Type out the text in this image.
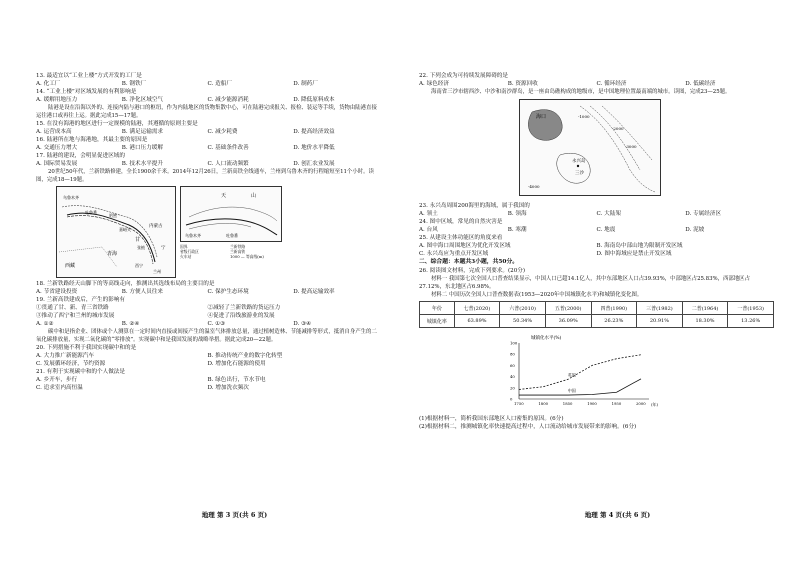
13. 最适宜以“工业上楼”方式开发的工厂是
A. 化工厂	B. 钢铁厂	C. 造船厂	D. 制药厂
14. “工业上楼”对区域发展的有利影响是
A. 缓解用地压力	B. 净化区域空气	C. 减少能源消耗	D. 降低原料成本
陆港是设在沿海以外的、连接内陆与港口的枢纽，作为内陆地区的货物集散中心，可在陆港完成报关、报检、装运等手续，货物由陆港直接运往港口或再往上运。据此完成15—17题。
15. 在没有海港的地区进行一定规模的陆港，其遵循的原则主要是
A. 运营成本高	B. 满足运输需求	C. 减少耗费	D. 提高经济效益
16. 陆港所在地与海港地，其最主要的原因是
A. 交通压力增大	B. 港口压力缓解	C. 基础条件改善	D. 地价水平降低
17. 陆港的建设，会明显促进区域的
A. 国际贸易发展	B. 技术水平提升	C. 人口流动频繁	D. 创汇农业发展
20世纪50年代，兰新铁路修建，全长1900余千米。2014年12月26日，兰新高铁全线通车，兰州到乌鲁木齐的行程缩短至11个小时。读图，完成18—19题。
乌鲁木齐
吐鲁番
哈密
嘉峪关
甘
张掖
西宁
兰州
青海
西藏
内蒙古
宁
天	山
乌鲁木齐	吐鲁番
国界	兰新铁路
省级行政区	兰新高铁
火车站	1000 — 等高线(m)
18. 兰新铁路经天山脚下的等高线走向，推测出其选线布局的主要目的是
A. 节省建设投资	B. 方便人员往来	C. 保护生态环境	D. 提高运输效率
19. 兰新高铁建成后，产生的影响有
①贯通了甘、新、青三省铁路	②减轻了兰新铁路的货运压力
③推动了西宁和兰州的城市发展	④促进了沿线旅游业的发展
A. ①②	B. ②④	C. ①③	D. ③④
碳中和是指企业、团体或个人测算在一定时间内直接或间接产生的温室气体排放总量，通过植树造林、节能减排等形式，抵消自身产生的二氧化碳排放量，实现二氧化碳的“零排放”。实现碳中和是我国发展的战略举措。据此完成20—22题。
20. 下列措施不利于我国实现碳中和的是
A. 大力推广新能源汽车	B. 推动传统产业的数字化转型
C. 发展循环经济，节约资源	D. 增加化石能源的使用
21. 有利于实现碳中和的个人做法是
A. 乡开车，步行	B. 绿色出行，节水节电
C. 追求室内高恒温	D. 增加洗衣频次
地理 第 3 页(共 6 页)
22. 下列会成为可持续发展障碍的是
A. 绿色经济	B. 资源回收	C. 循环经济	D. 低碳经济
海南省三沙市辖西沙、中沙和南沙群岛，是一座由岛礁构成的地级市，是中国地理位置最南端的城市。读图，完成23—25题。
海口
永兴岛
三沙
-1000
-2000
-3000
-4000
23. 永兴岛周围200海里的海域，属于我国的
A. 领土	B. 领海	C. 大陆架	D. 专属经济区
24. 图中区域，常见的自然灾害是
A. 台风	B. 寒潮	C. 地震	D. 泥坡
25. 从建设主体功能区的角度来看
A. 图中海口周围地区为优化开发区域	B. 海南岛中部山地为限制开发区域
C. 永兴岛应为重点开发区域	D. 图中海域应是禁止开发区域
二、综合题：本题共3小题，共50分。
26. 阅读图文材料，完成下列要求。(20分)
材料一 我国第七次全国人口普查结果显示，中国人口已超14.1亿人，其中东部地区人口占39.93%，中部地区占25.83%，西部地区占27.12%，东北地区占6.98%。
材料二 中国历次全国人口普查数据表(1953—2020年中国城镇化水平)和城镇化变化图。
年份	七普(2020)	六普(2010)	五普(2000)	四普(1990)	三普(1982)	二普(1964)	一普(1953)
城镇化率	63.89%	50.34%	36.09%	26.23%	20.91%	18.30%	13.26%
城镇化水平(%)
1750	1800	1850	1900	1950	2000
0
20
40
60
80
100
英国
中国
(年)
(1)根据材料一，简析我国东部地区人口密集的原因。(6分)
(2)根据材料二，推测城镇化率快速提高过程中，人口流动给城市发展带来的影响。(6分)
地理 第 4 页(共 6 页)
